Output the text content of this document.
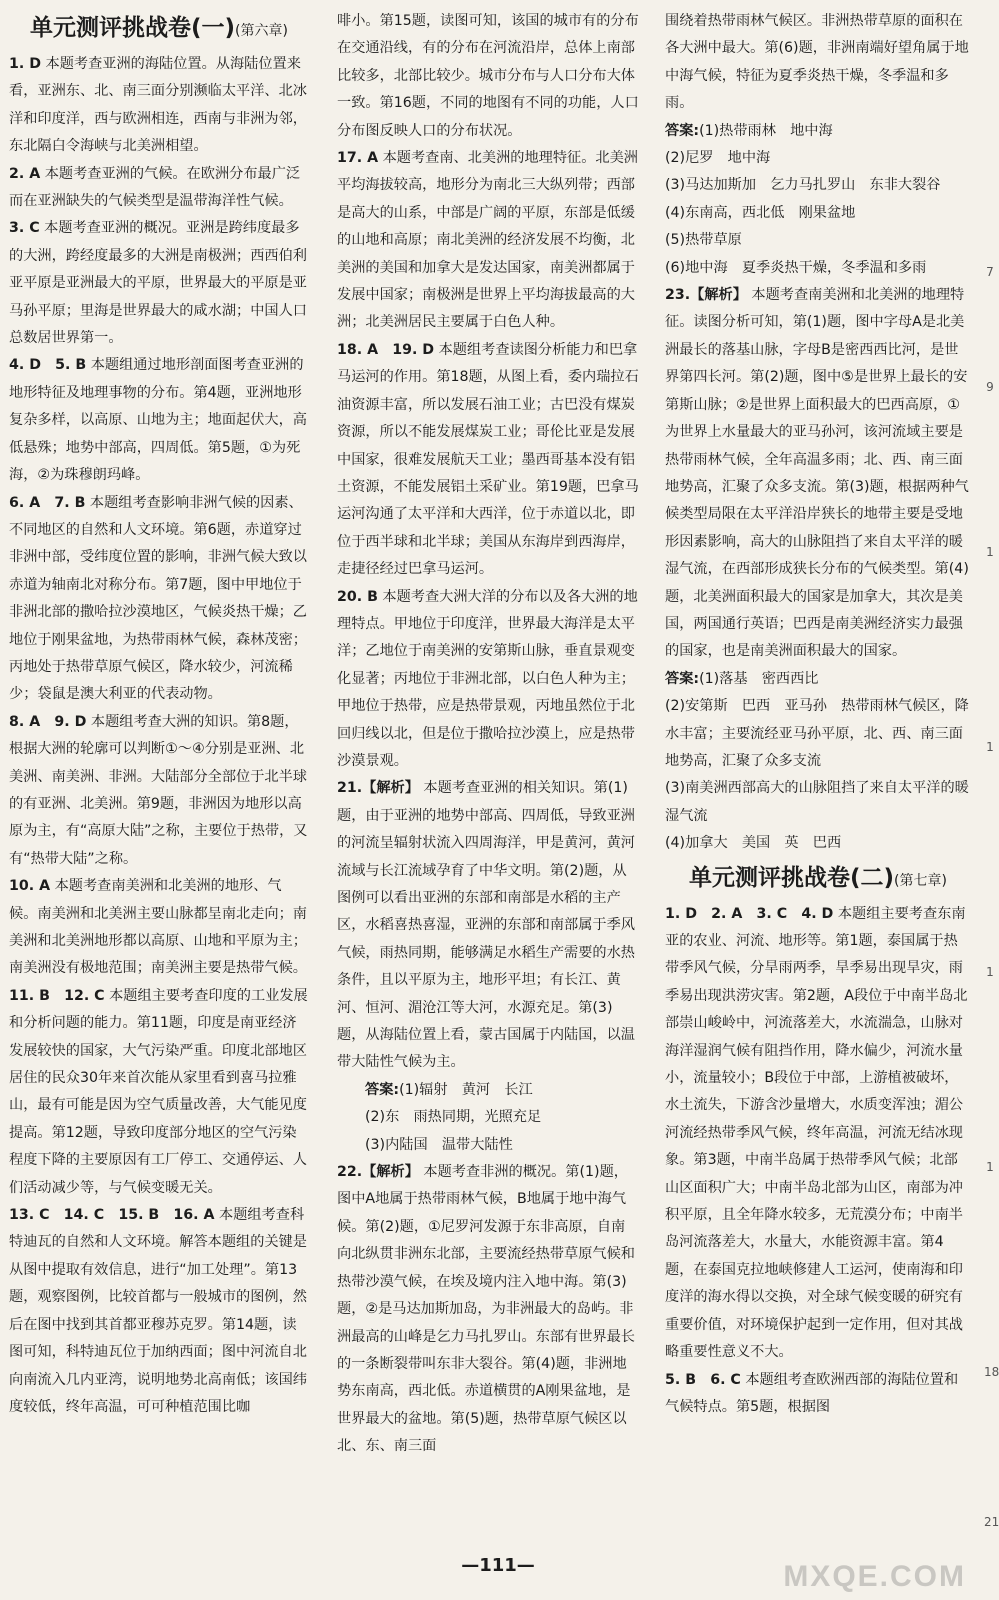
单元测评挑战卷(一)(第六章)

1. D 本题考查亚洲的海陆位置。从海陆位置来看，亚洲东、北、南三面分别濒临太平洋、北冰洋和印度洋，西与欧洲相连，西南与非洲为邻，东北隔白令海峡与北美洲相望。

2. A 本题考查亚洲的气候。在欧洲分布最广泛而在亚洲缺失的气候类型是温带海洋性气候。

3. C 本题考查亚洲的概况。亚洲是跨纬度最多的大洲，跨经度最多的大洲是南极洲；西西伯利亚平原是亚洲最大的平原，世界最大的平原是亚马孙平原；里海是世界最大的咸水湖；中国人口总数居世界第一。

4. D　5. B 本题组通过地形剖面图考查亚洲的地形特征及地理事物的分布。第4题，亚洲地形复杂多样，以高原、山地为主；地面起伏大，高低悬殊；地势中部高，四周低。第5题，①为死海，②为珠穆朗玛峰。

6. A　7. B 本题组考查影响非洲气候的因素、不同地区的自然和人文环境。第6题，赤道穿过非洲中部，受纬度位置的影响，非洲气候大致以赤道为轴南北对称分布。第7题，图中甲地位于非洲北部的撒哈拉沙漠地区，气候炎热干燥；乙地位于刚果盆地，为热带雨林气候，森林茂密；丙地处于热带草原气候区，降水较少，河流稀少；袋鼠是澳大利亚的代表动物。

8. A　9. D 本题组考查大洲的知识。第8题，根据大洲的轮廓可以判断①～④分别是亚洲、北美洲、南美洲、非洲。大陆部分全部位于北半球的有亚洲、北美洲。第9题，非洲因为地形以高原为主，有“高原大陆”之称，主要位于热带，又有“热带大陆”之称。

10. A 本题考查南美洲和北美洲的地形、气候。南美洲和北美洲主要山脉都呈南北走向；南美洲和北美洲地形都以高原、山地和平原为主；南美洲没有极地范围；南美洲主要是热带气候。

11. B　12. C 本题组主要考查印度的工业发展和分析问题的能力。第11题，印度是南亚经济发展较快的国家，大气污染严重。印度北部地区居住的民众30年来首次能从家里看到喜马拉雅山，最有可能是因为空气质量改善，大气能见度提高。第12题，导致印度部分地区的空气污染程度下降的主要原因有工厂停工、交通停运、人们活动减少等，与气候变暖无关。

13. C　14. C　15. B　16. A 本题组考查科特迪瓦的自然和人文环境。解答本题组的关键是从图中提取有效信息，进行“加工处理”。第13题，观察图例，比较首都与一般城市的图例，然后在图中找到其首都亚穆苏克罗。第14题，读图可知，科特迪瓦位于加纳西面；图中河流自北向南流入几内亚湾，说明地势北高南低；该国纬度较低，终年高温，可可种植范围比咖

啡小。第15题，读图可知，该国的城市有的分布在交通沿线，有的分布在河流沿岸，总体上南部比较多，北部比较少。城市分布与人口分布大体一致。第16题，不同的地图有不同的功能，人口分布图反映人口的分布状况。

17. A 本题考查南、北美洲的地理特征。北美洲平均海拔较高，地形分为南北三大纵列带；西部是高大的山系，中部是广阔的平原，东部是低缓的山地和高原；南北美洲的经济发展不均衡，北美洲的美国和加拿大是发达国家，南美洲都属于发展中国家；南极洲是世界上平均海拔最高的大洲；北美洲居民主要属于白色人种。

18. A　19. D 本题组考查读图分析能力和巴拿马运河的作用。第18题，从图上看，委内瑞拉石油资源丰富，所以发展石油工业；古巴没有煤炭资源，所以不能发展煤炭工业；哥伦比亚是发展中国家，很难发展航天工业；墨西哥基本没有铝土资源，不能发展铝土采矿业。第19题，巴拿马运河沟通了太平洋和大西洋，位于赤道以北，即位于西半球和北半球；美国从东海岸到西海岸，走捷径经过巴拿马运河。

20. B 本题考查大洲大洋的分布以及各大洲的地理特点。甲地位于印度洋，世界最大海洋是太平洋；乙地位于南美洲的安第斯山脉，垂直景观变化显著；丙地位于非洲北部，以白色人种为主；甲地位于热带，应是热带景观，丙地虽然位于北回归线以北，但是位于撒哈拉沙漠上，应是热带沙漠景观。

21.【解析】 本题考查亚洲的相关知识。第(1)题，由于亚洲的地势中部高、四周低，导致亚洲的河流呈辐射状流入四周海洋，甲是黄河，黄河流域与长江流域孕育了中华文明。第(2)题，从图例可以看出亚洲的东部和南部是水稻的主产区，水稻喜热喜湿，亚洲的东部和南部属于季风气候，雨热同期，能够满足水稻生产需要的水热条件，且以平原为主，地形平坦；有长江、黄河、恒河、湄沧江等大河，水源充足。第(3)题，从海陆位置上看，蒙古国属于内陆国，以温带大陆性气候为主。

答案:(1)辐射　黄河　长江

(2)东　雨热同期，光照充足

(3)内陆国　温带大陆性

22.【解析】 本题考查非洲的概况。第(1)题，图中A地属于热带雨林气候，B地属于地中海气候。第(2)题，①尼罗河发源于东非高原，自南向北纵贯非洲东北部，主要流经热带草原气候和热带沙漠气候，在埃及境内注入地中海。第(3)题，②是马达加斯加岛，为非洲最大的岛屿。非洲最高的山峰是乞力马扎罗山。东部有世界最长的一条断裂带叫东非大裂谷。第(4)题，非洲地势东南高，西北低。赤道横贯的A刚果盆地，是世界最大的盆地。第(5)题，热带草原气候区以北、东、南三面

围绕着热带雨林气候区。非洲热带草原的面积在各大洲中最大。第(6)题，非洲南端好望角属于地中海气候，特征为夏季炎热干燥，冬季温和多雨。

答案:(1)热带雨林　地中海

(2)尼罗　地中海

(3)马达加斯加　乞力马扎罗山　东非大裂谷

(4)东南高，西北低　刚果盆地

(5)热带草原

(6)地中海　夏季炎热干燥，冬季温和多雨

23.【解析】 本题考查南美洲和北美洲的地理特征。读图分析可知，第(1)题，图中字母A是北美洲最长的落基山脉，字母B是密西西比河，是世界第四长河。第(2)题，图中⑤是世界上最长的安第斯山脉；②是世界上面积最大的巴西高原，①为世界上水量最大的亚马孙河，该河流域主要是热带雨林气候，全年高温多雨；北、西、南三面地势高，汇聚了众多支流。第(3)题，根据两种气候类型局限在太平洋沿岸狭长的地带主要是受地形因素影响，高大的山脉阻挡了来自太平洋的暖湿气流，在西部形成狭长分布的气候类型。第(4)题，北美洲面积最大的国家是加拿大，其次是美国，两国通行英语；巴西是南美洲经济实力最强的国家，也是南美洲面积最大的国家。

答案:(1)落基　密西西比

(2)安第斯　巴西　亚马孙　热带雨林气候区，降水丰富；主要流经亚马孙平原，北、西、南三面地势高，汇聚了众多支流

(3)南美洲西部高大的山脉阻挡了来自太平洋的暖湿气流

(4)加拿大　美国　英　巴西

单元测评挑战卷(二)(第七章)

1. D　2. A　3. C　4. D 本题组主要考查东南亚的农业、河流、地形等。第1题，泰国属于热带季风气候，分旱雨两季，旱季易出现旱灾，雨季易出现洪涝灾害。第2题，A段位于中南半岛北部崇山峻岭中，河流落差大，水流湍急，山脉对海洋湿润气候有阻挡作用，降水偏少，河流水量小，流量较小；B段位于中部，上游植被破坏，水土流失，下游含沙量增大，水质变浑浊；湄公河流经热带季风气候，终年高温，河流无结冰现象。第3题，中南半岛属于热带季风气候；北部山区面积广大；中南半岛北部为山区，南部为冲积平原，且全年降水较多，无荒漠分布；中南半岛河流落差大，水量大，水能资源丰富。第4题，在泰国克拉地峡修建人工运河，使南海和印度洋的海水得以交换，对全球气候变暖的研究有重要价值，对环境保护起到一定作用，但对其战略重要性意义不大。

5. B　6. C 本题组考查欧洲西部的海陆位置和气候特点。第5题，根据图

—111—	MXQE.COM
7
9
1
1
1
1
18
21
